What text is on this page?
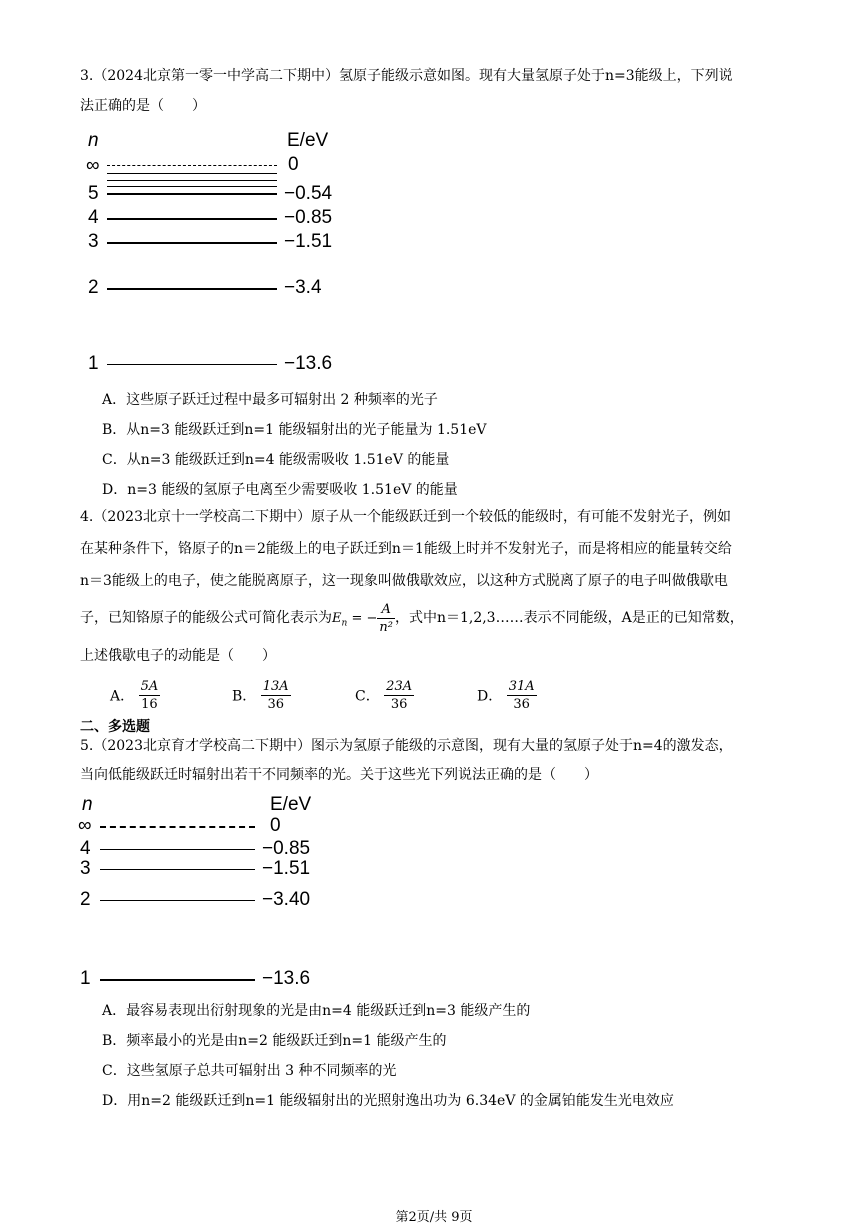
3.（2024北京第一零一中学高二下期中）氢原子能级示意如图。现有大量氢原子处于n=3能级上，下列说
法正确的是（　　）
n	E/eV
∞	0
5	−0.54
4	−0.85
3	−1.51
2	−3.4
1	−13.6
A．这些原子跃迁过程中最多可辐射出 2 种频率的光子
B．从n=3 能级跃迁到n=1 能级辐射出的光子能量为 1.51eV
C．从n=3 能级跃迁到n=4 能级需吸收 1.51eV 的能量
D．n=3 能级的氢原子电离至少需要吸收 1.51eV 的能量
4.（2023北京十一学校高二下期中）原子从一个能级跃迁到一个较低的能级时，有可能不发射光子，例如
在某种条件下，铬原子的n＝2能级上的电子跃迁到n＝1能级上时并不发射光子，而是将相应的能量转交给
n＝3能级上的电子，使之能脱离原子，这一现象叫做俄歇效应，以这种方式脱离了原子的电子叫做俄歇电
子，已知铬原子的能级公式可简化表示为$E_n$ = − $\frac{A}{\text{n²}}$ ，式中n＝1,2,3……表示不同能级，A是正的已知常数，
上述俄歇电子的动能是（　　）
A． $\frac{5A}{16}$	B． $\frac{13A}{36}$	C． $\frac{23A}{36}$	D． $\frac{31A}{36}$
二、多选题
5.（2023北京育才学校高二下期中）图示为氢原子能级的示意图，现有大量的氢原子处于n=4的激发态，
当向低能级跃迁时辐射出若干不同频率的光。关于这些光下列说法正确的是（　　）
n	E/eV
∞	0
4	−0.85
3	−1.51
2	−3.40
1	−13.6
A．最容易表现出衍射现象的光是由n=4 能级跃迁到n=3 能级产生的
B．频率最小的光是由n=2 能级跃迁到n=1 能级产生的
C．这些氢原子总共可辐射出 3 种不同频率的光
D．用n=2 能级跃迁到n=1 能级辐射出的光照射逸出功为 6.34eV 的金属铂能发生光电效应
第2页/共 9页
